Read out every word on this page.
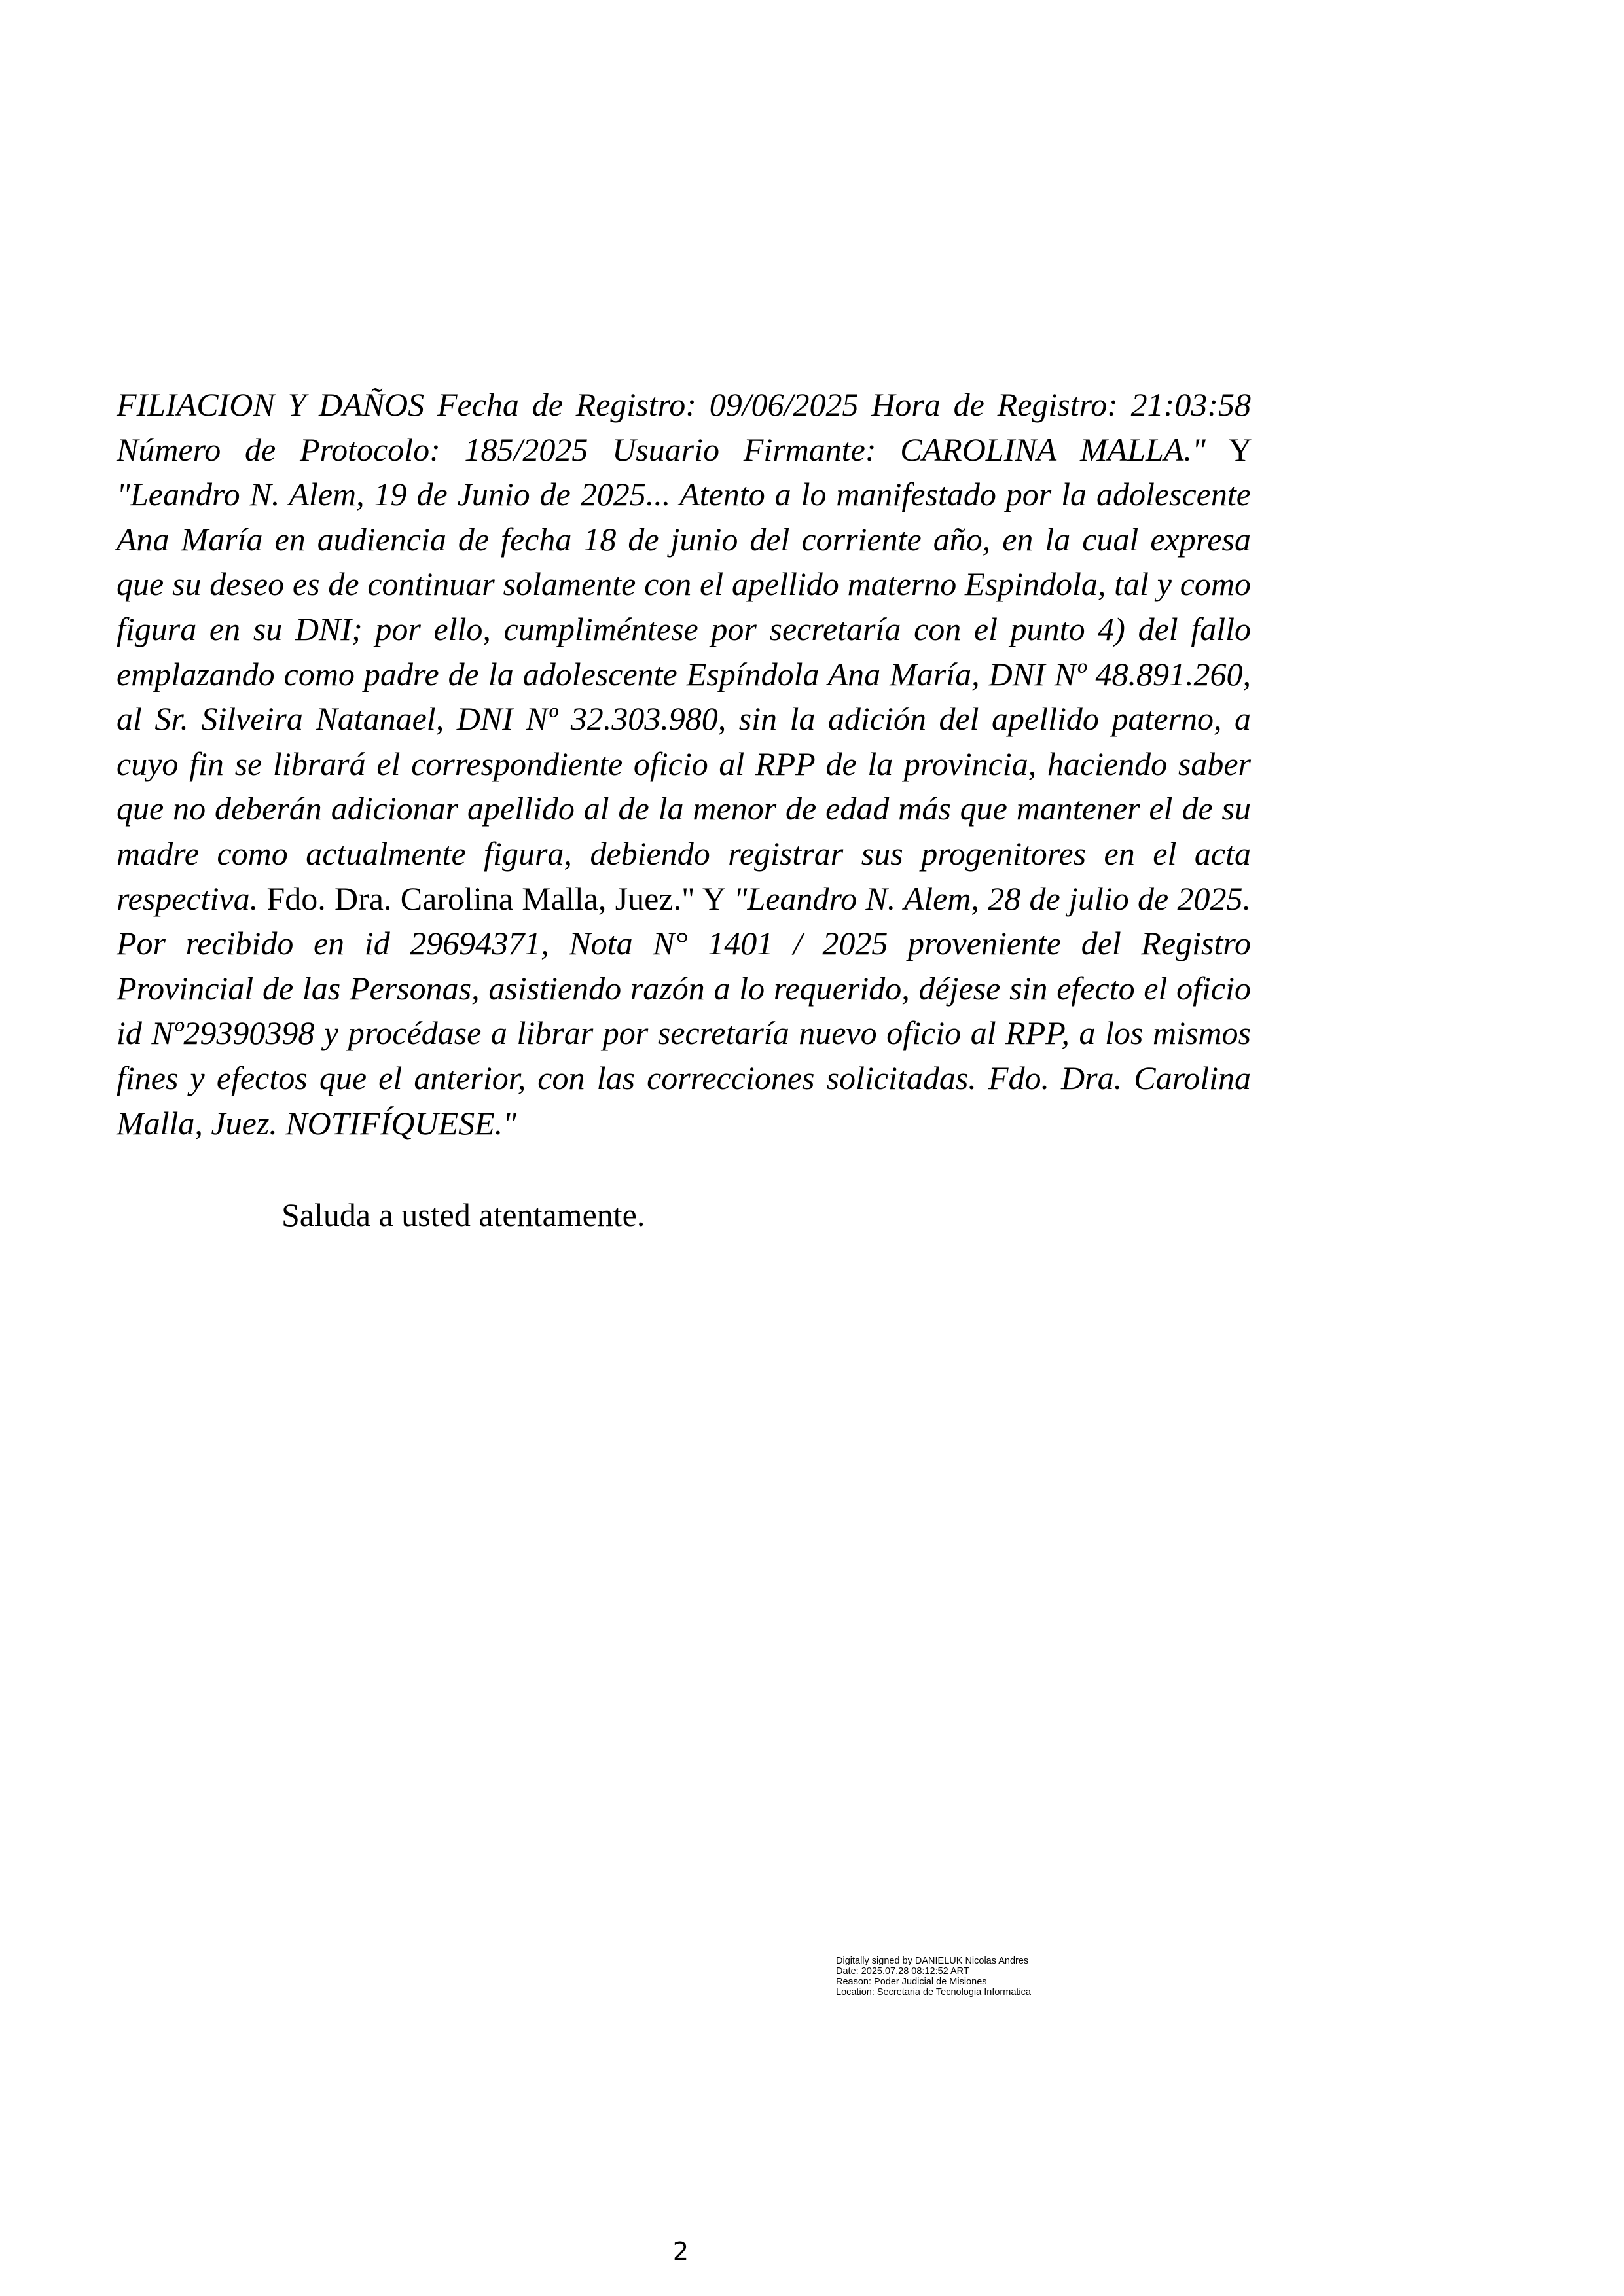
FILIACION Y DAÑOS Fecha de Registro: 09/06/2025 Hora de Registro: 21:03:58 Número de Protocolo: 185/2025 Usuario Firmante: CAROLINA MALLA." Y "Leandro N. Alem, 19 de Junio de 2025... Atento a lo manifestado por la adolescente Ana María en audiencia de fecha 18 de junio del corriente año, en la cual expresa que su deseo es de continuar solamente con el apellido materno Espindola, tal y como figura en su DNI; por ello, cumpliméntese por secretaría con el punto 4) del fallo emplazando como padre de la adolescente Espíndola Ana María, DNI Nº 48.891.260, al Sr. Silveira Natanael, DNI Nº 32.303.980, sin la adición del apellido paterno, a cuyo fin se librará el correspondiente oficio al RPP de la provincia, haciendo saber que no deberán adicionar apellido al de la menor de edad más que mantener el de su madre como actualmente figura, debiendo registrar sus progenitores en el acta respectiva. Fdo. Dra. Carolina Malla, Juez." Y "Leandro N. Alem, 28 de julio de 2025. Por recibido en id 29694371, Nota N° 1401 / 2025 proveniente del Registro Provincial de las Personas, asistiendo razón a lo requerido, déjese sin efecto el oficio id Nº29390398 y procédase a librar por secretaría nuevo oficio al RPP, a los mismos fines y efectos que el anterior, con las correcciones solicitadas. Fdo. Dra. Carolina Malla, Juez. NOTIFÍQUESE."

Saluda a usted atentamente.

Digitally signed by DANIELUK Nicolas Andres
Date: 2025.07.28 08:12:52 ART
Reason: Poder Judicial de Misiones
Location: Secretaria de Tecnologia Informatica
2
